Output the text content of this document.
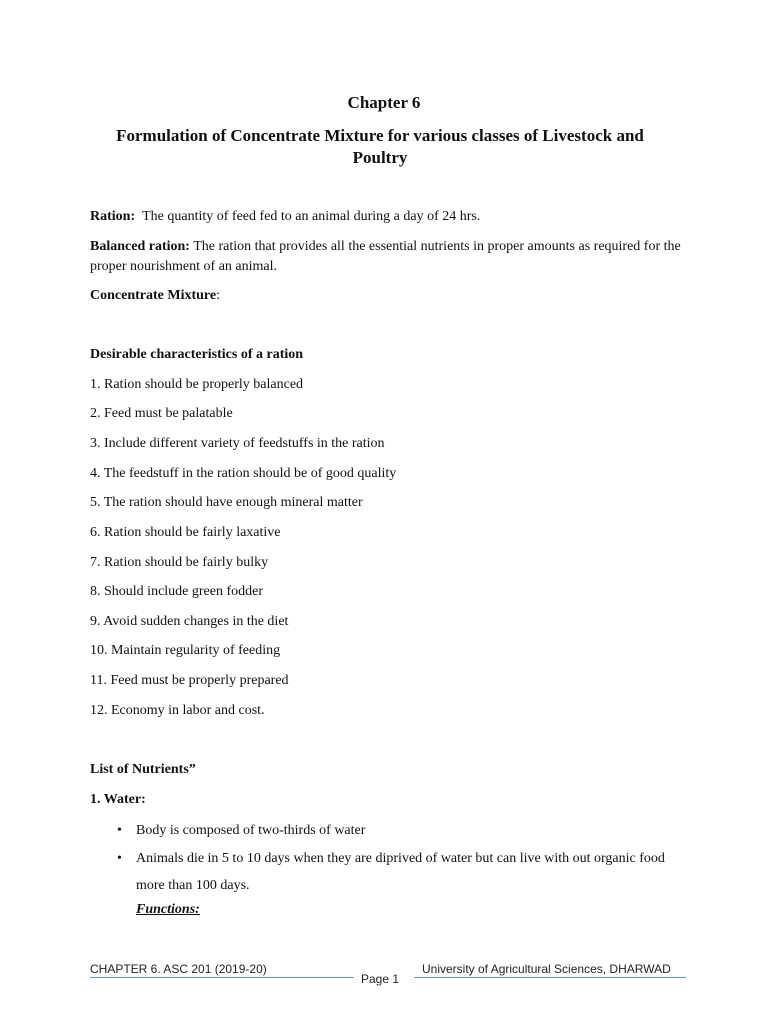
Chapter 6
Formulation of Concentrate Mixture for various classes of Livestock and Poultry
Ration: The quantity of feed fed to an animal during a day of 24 hrs.
Balanced ration: The ration that provides all the essential nutrients in proper amounts as required for the proper nourishment of an animal.
Concentrate Mixture:
Desirable characteristics of a ration
1. Ration should be properly balanced
2. Feed must be palatable
3. Include different variety of feedstuffs in the ration
4. The feedstuff in the ration should be of good quality
5. The ration should have enough mineral matter
6. Ration should be fairly laxative
7. Ration should be fairly bulky
8. Should include green fodder
9. Avoid sudden changes in the diet
10. Maintain regularity of feeding
11. Feed must be properly prepared
12. Economy in labor and cost.
List of Nutrients”
1. Water:
• Body is composed of two-thirds of water
• Animals die in 5 to 10 days when they are diprived of water but can live with out organic food more than 100 days.
Functions:
CHAPTER 6. ASC 201 (2019-20)	University of Agricultural Sciences, DHARWAD
Page 1
